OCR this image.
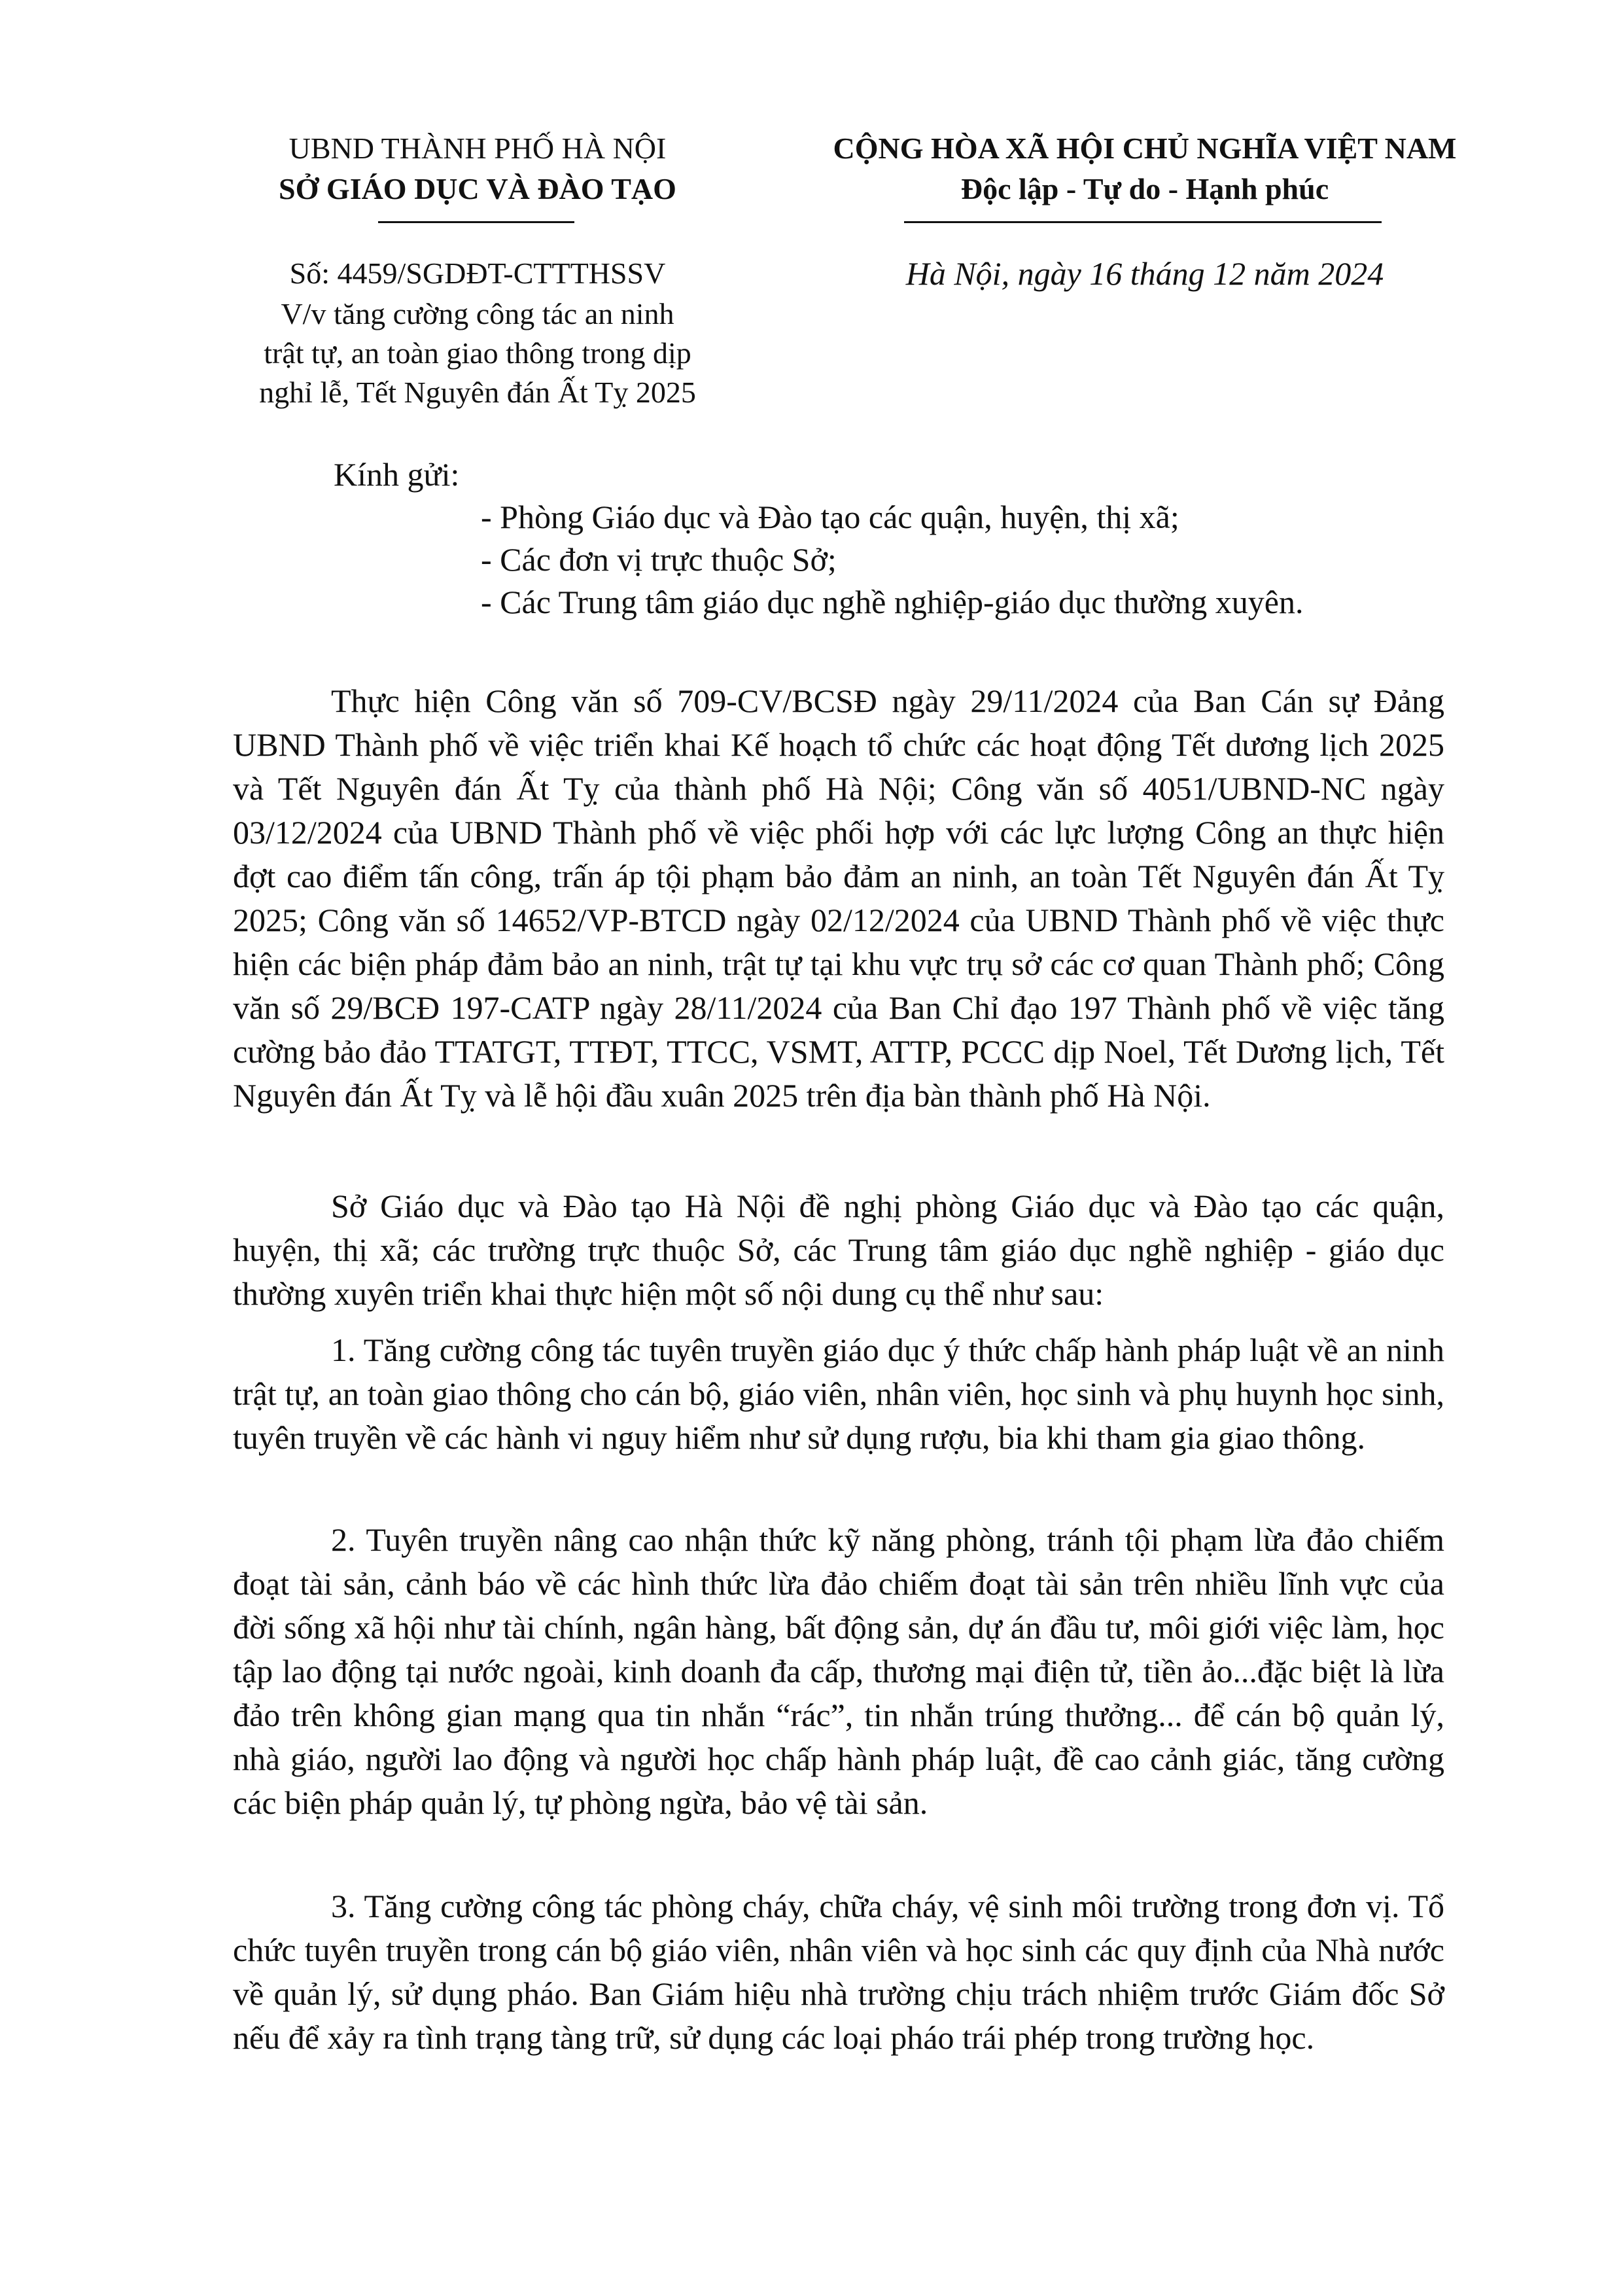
UBND THÀNH PHỐ HÀ NỘI
SỞ GIÁO DỤC VÀ ĐÀO TẠO
CỘNG HÒA XÃ HỘI CHỦ NGHĨA VIỆT NAM
Độc lập - Tự do - Hạnh phúc
Số: 4459/SGDĐT-CTTTHSSV
V/v tăng cường công tác an ninh
trật tự, an toàn giao thông trong dịp
nghỉ lễ, Tết Nguyên đán Ất Tỵ 2025
Hà Nội, ngày 16 tháng 12 năm 2024
Kính gửi:
- Phòng Giáo dục và Đào tạo các quận, huyện, thị xã;
- Các đơn vị trực thuộc Sở;
- Các Trung tâm giáo dục nghề nghiệp-giáo dục thường xuyên.
Thực hiện Công văn số 709-CV/BCSĐ ngày 29/11/2024 của Ban Cán sự Đảng UBND Thành phố về việc triển khai Kế hoạch tổ chức các hoạt động Tết dương lịch 2025 và Tết Nguyên đán Ất Tỵ của thành phố Hà Nội; Công văn số 4051/UBND-NC ngày 03/12/2024 của UBND Thành phố về việc phối hợp với các lực lượng Công an thực hiện đợt cao điểm tấn công, trấn áp tội phạm bảo đảm an ninh, an toàn Tết Nguyên đán Ất Tỵ 2025; Công văn số 14652/VP-BTCD ngày 02/12/2024 của UBND Thành phố về việc thực hiện các biện pháp đảm bảo an ninh, trật tự tại khu vực trụ sở các cơ quan Thành phố; Công văn số 29/BCĐ 197-CATP ngày 28/11/2024 của Ban Chỉ đạo 197 Thành phố về việc tăng cường bảo đảo TTATGT, TTĐT, TTCC, VSMT, ATTP, PCCC dịp Noel, Tết Dương lịch, Tết Nguyên đán Ất Tỵ và lễ hội đầu xuân 2025 trên địa bàn thành phố Hà Nội.
Sở Giáo dục và Đào tạo Hà Nội đề nghị phòng Giáo dục và Đào tạo các quận, huyện, thị xã; các trường trực thuộc Sở, các Trung tâm giáo dục nghề nghiệp - giáo dục thường xuyên triển khai thực hiện một số nội dung cụ thể như sau:
1. Tăng cường công tác tuyên truyền giáo dục ý thức chấp hành pháp luật về an ninh trật tự, an toàn giao thông cho cán bộ, giáo viên, nhân viên, học sinh và phụ huynh học sinh, tuyên truyền về các hành vi nguy hiểm như sử dụng rượu, bia khi tham gia giao thông.
2. Tuyên truyền nâng cao nhận thức kỹ năng phòng, tránh tội phạm lừa đảo chiếm đoạt tài sản, cảnh báo về các hình thức lừa đảo chiếm đoạt tài sản trên nhiều lĩnh vực của đời sống xã hội như tài chính, ngân hàng, bất động sản, dự án đầu tư, môi giới việc làm, học tập lao động tại nước ngoài, kinh doanh đa cấp, thương mại điện tử, tiền ảo...đặc biệt là lừa đảo trên không gian mạng qua tin nhắn “rác”, tin nhắn trúng thưởng... để cán bộ quản lý, nhà giáo, người lao động và người học chấp hành pháp luật, đề cao cảnh giác, tăng cường các biện pháp quản lý, tự phòng ngừa, bảo vệ tài sản.
3. Tăng cường công tác phòng cháy, chữa cháy, vệ sinh môi trường trong đơn vị. Tổ chức tuyên truyền trong cán bộ giáo viên, nhân viên và học sinh các quy định của Nhà nước về quản lý, sử dụng pháo. Ban Giám hiệu nhà trường chịu trách nhiệm trước Giám đốc Sở nếu để xảy ra tình trạng tàng trữ, sử dụng các loại pháo trái phép trong trường học.
